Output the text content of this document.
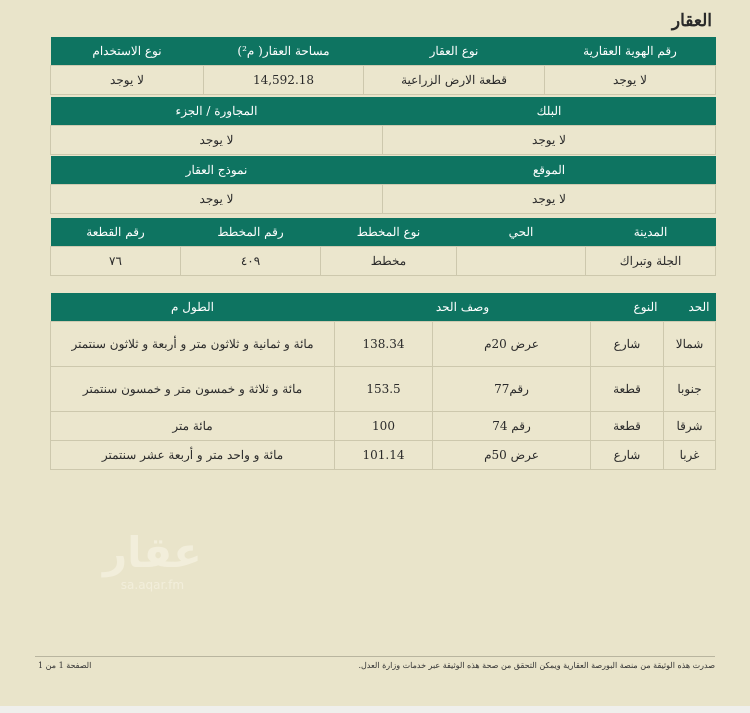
العقار
رقم الهوية العقارية	نوع العقار	مساحة العقار( م²)	نوع الاستخدام
لا يوجد	قطعة الارض الزراعية	14,592.18	لا يوجد
البلك	المجاورة / الجزء
لا يوجد	لا يوجد
الموقع	نموذج العقار
لا يوجد	لا يوجد
المدينة	الحي	نوع المخطط	رقم المخطط	رقم القطعة
الجلة وتبراك		مخطط	٤٠٩	٧٦
الحد	النوع	وصف الحد		الطول م
شمالا	شارع	عرض 20م	138.34	مائة و ثمانية و ثلاثون متر و أربعة و ثلاثون سنتمتر
جنوبا	قطعة	رقم77	153.5	مائة و ثلاثة و خمسون متر و خمسون سنتمتر
شرقا	قطعة	رقم 74	100	مائة متر
غربا	شارع	عرض 50م	101.14	مائة و واحد متر و أربعة عشر سنتمتر
عقار
sa.aqar.fm
صدرت هذه الوثيقة من منصة البورصة العقارية ويمكن التحقق من صحة هذه الوثيقة عبر خدمات وزارة العدل.
الصفحة 1 من 1
